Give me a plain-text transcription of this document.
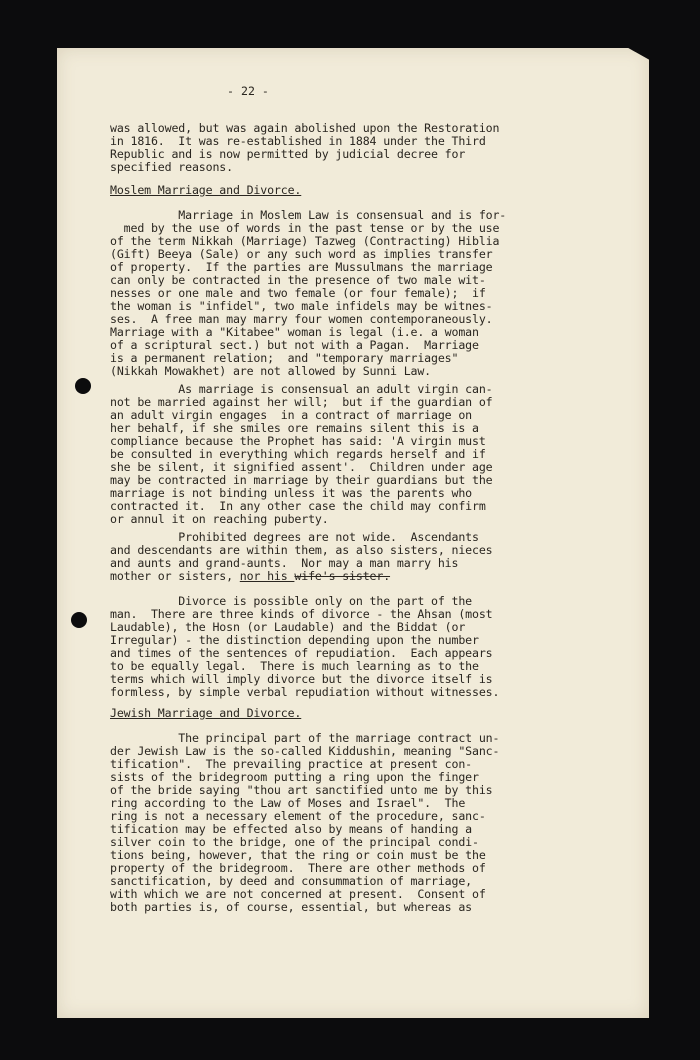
- 22 -
was allowed, but was again abolished upon the Restoration
in 1816.  It was re-established in 1884 under the Third
Republic and is now permitted by judicial decree for
specified reasons.
Moslem Marriage and Divorce.
Marriage in Moslem Law is consensual and is for-
med by the use of words in the past tense or by the use
of the term Nikkah (Marriage) Tazweg (Contracting) Hiblia
(Gift) Beeya (Sale) or any such word as implies transfer
of property.  If the parties are Mussulmans the marriage
can only be contracted in the presence of two male wit-
nesses or one male and two female (or four female);  if
the woman is "infidel", two male infidels may be witnes-
ses.  A free man may marry four women contemporaneously.
Marriage with a "Kitabee" woman is legal (i.e. a woman
of a scriptural sect.) but not with a Pagan.  Marriage
is a permanent relation;  and "temporary marriages"
(Nikkah Mowakhet) are not allowed by Sunni Law.
As marriage is consensual an adult virgin can-
not be married against her will;  but if the guardian of
an adult virgin engages  in a contract of marriage on
her behalf, if she smiles ore remains silent this is a
compliance because the Prophet has said: 'A virgin must
be consulted in everything which regards herself and if
she be silent, it signified assent'.  Children under age
may be contracted in marriage by their guardians but the
marriage is not binding unless it was the parents who
contracted it.  In any other case the child may confirm
or annul it on reaching puberty.
Prohibited degrees are not wide.  Ascendants
and descendants are within them, as also sisters, nieces
and aunts and grand-aunts.  Nor may a man marry his
mother or sisters, nor his wife's sister.
Divorce is possible only on the part of the
man.  There are three kinds of divorce - the Ahsan (most
Laudable), the Hosn (or Laudable) and the Biddat (or
Irregular) - the distinction depending upon the number
and times of the sentences of repudiation.  Each appears
to be equally legal.  There is much learning as to the
terms which will imply divorce but the divorce itself is
formless, by simple verbal repudiation without witnesses.
Jewish Marriage and Divorce.
The principal part of the marriage contract un-
der Jewish Law is the so-called Kiddushin, meaning "Sanc-
tification".  The prevailing practice at present con-
sists of the bridegroom putting a ring upon the finger
of the bride saying "thou art sanctified unto me by this
ring according to the Law of Moses and Israel".  The
ring is not a necessary element of the procedure, sanc-
tification may be effected also by means of handing a
silver coin to the bridge, one of the principal condi-
tions being, however, that the ring or coin must be the
property of the bridegroom.  There are other methods of
sanctification, by deed and consummation of marriage,
with which we are not concerned at present.  Consent of
both parties is, of course, essential, but whereas as
